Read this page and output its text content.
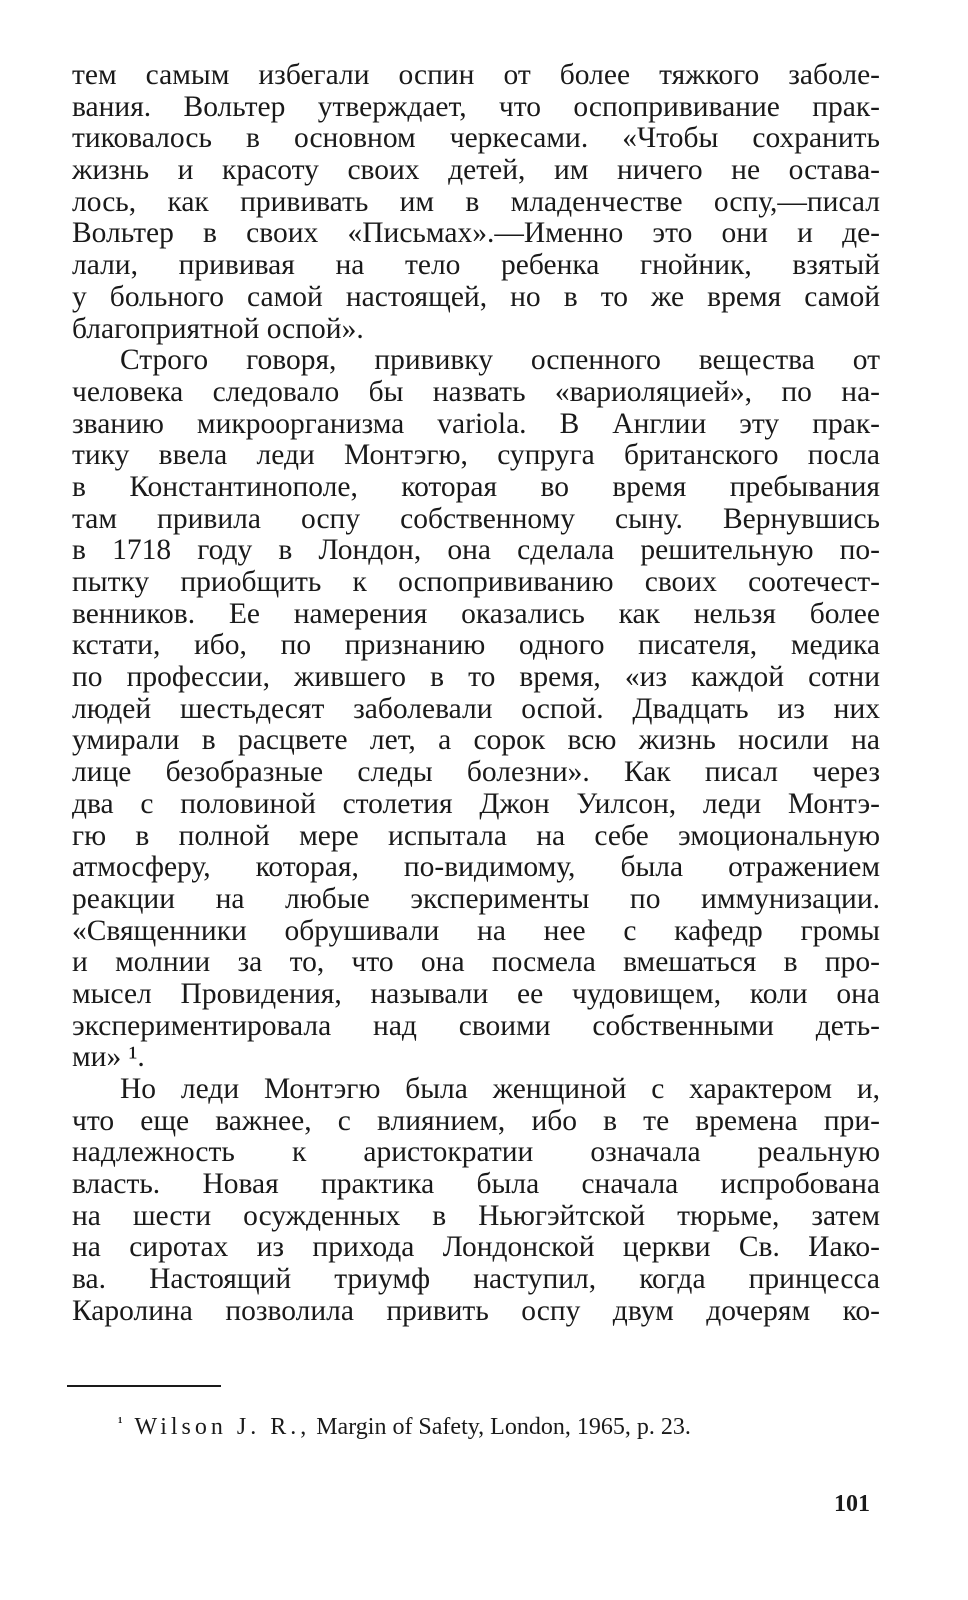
тем самым избегали оспин от более тяжкого заболе-
вания. Вольтер утверждает, что оспопрививание прак-
тиковалось в основном черкесами. «Чтобы сохранить
жизнь и красоту своих детей, им ничего не остава-
лось, как прививать им в младенчестве оспу,—писал
Вольтер в своих «Письмах».—Именно это они и де-
лали, прививая на тело ребенка гнойник, взятый
у больного самой настоящей, но в то же время самой
благоприятной оспой».
Строго говоря, прививку оспенного вещества от
человека следовало бы назвать «вариоляцией», по на-
званию микроорганизма variola. В Англии эту прак-
тику ввела леди Монтэгю, супруга британского посла
в Константинополе, которая во время пребывания
там привила оспу собственному сыну. Вернувшись
в 1718 году в Лондон, она сделала решительную по-
пытку приобщить к оспопрививанию своих соотечест-
венников. Ее намерения оказались как нельзя более
кстати, ибо, по признанию одного писателя, медика
по профессии, жившего в то время, «из каждой сотни
людей шестьдесят заболевали оспой. Двадцать из них
умирали в расцвете лет, а сорок всю жизнь носили на
лице безобразные следы болезни». Как писал через
два с половиной столетия Джон Уилсон, леди Монтэ-
гю в полной мере испытала на себе эмоциональную
атмосферу, которая, по-видимому, была отражением
реакции на любые эксперименты по иммунизации.
«Священники обрушивали на нее с кафедр громы
и молнии за то, что она посмела вмешаться в про-
мысел Провидения, называли ее чудовищем, коли она
экспериментировала над своими собственными деть-
ми» ¹.
Но леди Монтэгю была женщиной с характером и,
что еще важнее, с влиянием, ибо в те времена при-
надлежность к аристократии означала реальную
власть. Новая практика была сначала испробована
на шести осужденных в Ньюгэйтской тюрьме, затем
на сиротах из прихода Лондонской церкви Св. Иако-
ва. Настоящий триумф наступил, когда принцесса
Каролина позволила привить оспу двум дочерям ко-
$^{^1}$ Wilson J. R., Margin of Safety, London, 1965, p. 23.
101
